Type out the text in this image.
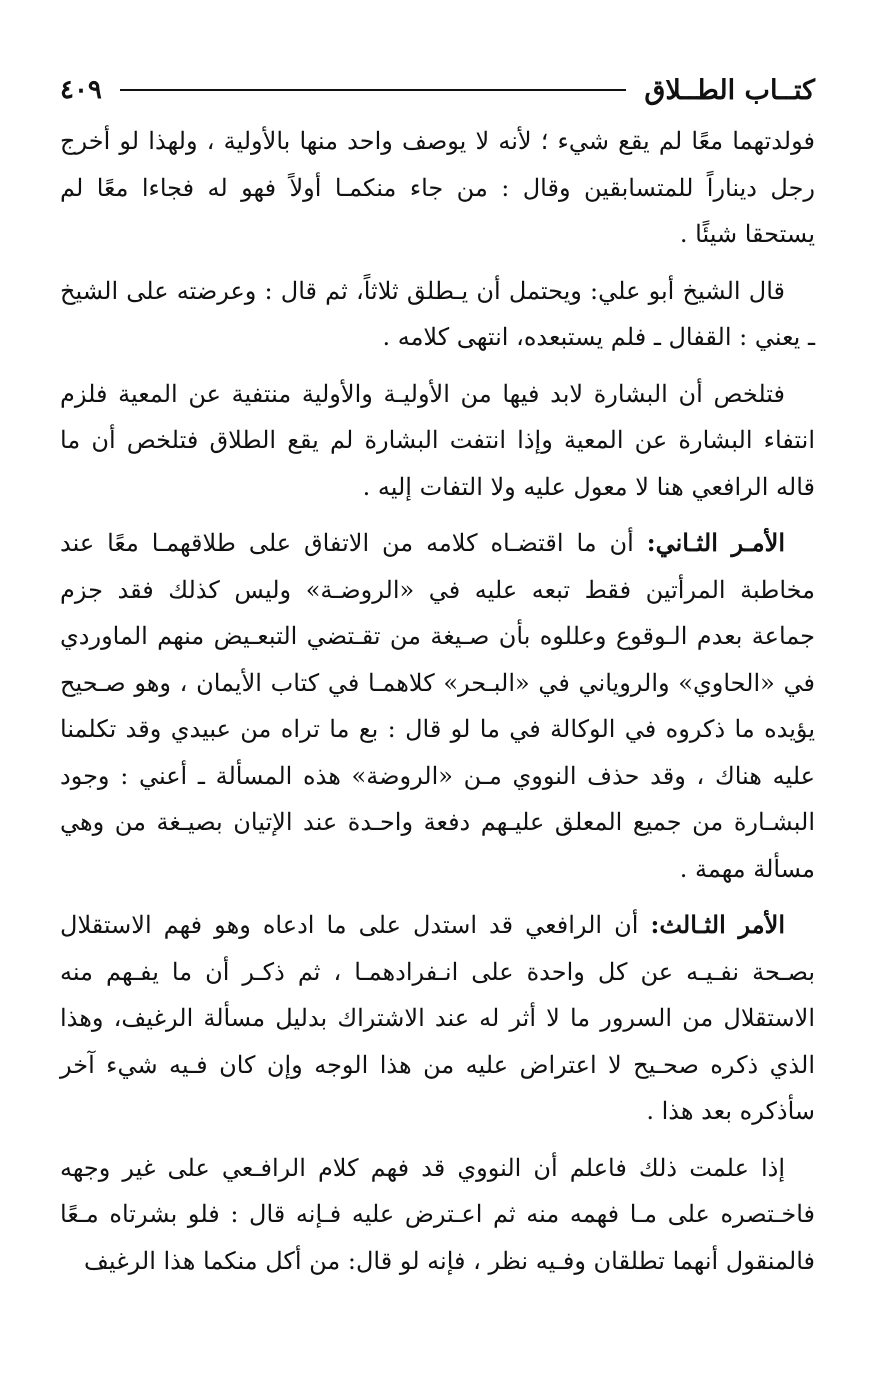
كتــاب الطــلاق
٤٠٩

فولدتهما معًا لم يقع شيء ؛ لأنه لا يوصف واحد منها بالأولية ، ولهذا لو أخرج رجل ديناراً للمتسابقين وقال : من جاء منكمـا أولاً فهو له فجاءا معًا لم يستحقا شيئًا .

قال الشيخ أبو علي: ويحتمل أن يـطلق ثلاثاً، ثم قال : وعرضته على الشيخ ـ يعني : القفال ـ فلم يستبعده، انتهى كلامه .

فتلخص أن البشارة لابد فيها من الأوليـة والأولية منتفية عن المعية فلزم انتفاء البشارة عن المعية وإذا انتفت البشارة لم يقع الطلاق فتلخص أن ما قاله الرافعي هنا لا معول عليه ولا التفات إليه .

الأمـر الثـاني: أن ما اقتضـاه كلامه من الاتفاق على طلاقهمـا معًا عند مخاطبة المرأتين فقط تبعه عليه في «الروضـة» وليس كذلك فقد جزم جماعة بعدم الـوقوع وعللوه بأن صـيغة من تقـتضي التبعـيض منهم الماوردي في «الحاوي» والروياني في «البـحر» كلاهمـا في كتاب الأيمان ، وهو صـحيح يؤيده ما ذكروه في الوكالة في ما لو قال : بع ما تراه من عبيدي وقد تكلمنا عليه هناك ، وقد حذف النووي مـن «الروضة» هذه المسألة ـ أعني : وجود البشـارة من جميع المعلق عليـهم دفعة واحـدة عند الإتيان بصيـغة من وهي مسألة مهمة .

الأمر الثـالث: أن الرافعي قد استدل على ما ادعاه وهو فهم الاستقلال بصـحة نفـيـه عن كل واحدة على انـفرادهمـا ، ثم ذكـر أن ما يفـهم منه الاستقلال من السرور ما لا أثر له عند الاشتراك بدليل مسألة الرغيف، وهذا الذي ذكره صحـيح لا اعتراض عليه من هذا الوجه وإن كان فـيه شيء آخر سأذكره بعد هذا .

إذا علمت ذلك فاعلم أن النووي قد فهم كلام الرافـعي على غير وجهه فاخـتصره على مـا فهمه منه ثم اعـترض عليه فـإنه قال : فلو بشرتاه مـعًا فالمنقول أنهما تطلقان وفـيه نظر ، فإنه لو قال: من أكل منكما هذا الرغيف
